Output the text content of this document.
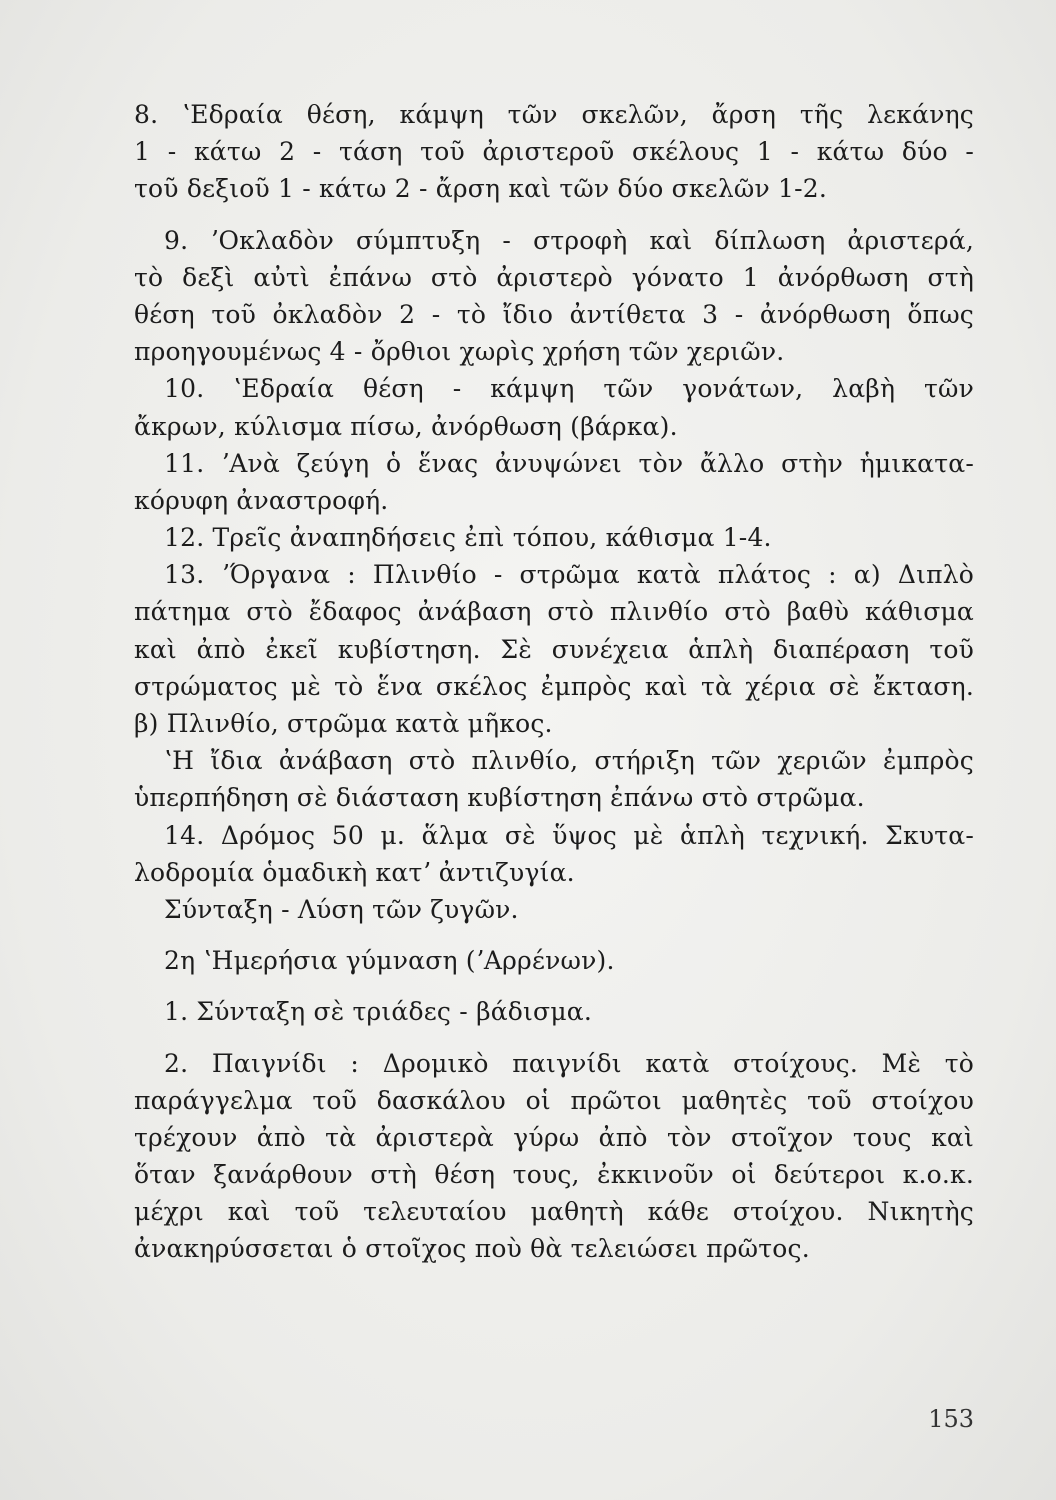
8. ʽΕδραία θέση, κάμψη τῶν σκελῶν, ἄρση τῆς λεκάνης
1 - κάτω 2 - τάση τοῦ ἀριστεροῦ σκέλους 1 - κάτω δύο -
τοῦ δεξιοῦ 1 - κάτω 2 - ἄρση καὶ τῶν δύο σκελῶν 1-2.
9. ʼΟκλαδὸν σύμπτυξη - στροφὴ καὶ δίπλωση ἀριστερά,
τὸ δεξὶ αὐτὶ ἐπάνω στὸ ἀριστερὸ γόνατο 1 ἀνόρθωση στὴ
θέση τοῦ ὀκλαδὸν 2 - τὸ ἴδιο ἀντίθετα 3 - ἀνόρθωση ὅπως
προηγουμένως 4 - ὄρθιοι χωρὶς χρήση τῶν χεριῶν.
10. ʽΕδραία θέση - κάμψη τῶν γονάτων, λαβὴ τῶν
ἄκρων, κύλισμα πίσω, ἀνόρθωση (βάρκα).
11. ʼΑνὰ ζεύγη ὁ ἕνας ἀνυψώνει τὸν ἄλλο στὴν ἡμικατα-
κόρυφη ἀναστροφή.
12. Τρεῖς ἀναπηδήσεις ἐπὶ τόπου, κάθισμα 1-4.
13. ʼΌργανα : Πλινθίο - στρῶμα κατὰ πλάτος : α) Διπλὸ
πάτημα στὸ ἔδαφος ἀνάβαση στὸ πλινθίο στὸ βαθὺ κάθισμα
καὶ ἀπὸ ἐκεῖ κυβίστηση. Σὲ συνέχεια ἁπλὴ διαπέραση τοῦ
στρώματος μὲ τὸ ἕνα σκέλος ἐμπρὸς καὶ τὰ χέρια σὲ ἔκταση.
β) Πλινθίο, στρῶμα κατὰ μῆκος.
ʽΗ ἴδια ἀνάβαση στὸ πλινθίο, στήριξη τῶν χεριῶν ἐμπρὸς
ὑπερπήδηση σὲ διάσταση κυβίστηση ἐπάνω στὸ στρῶμα.
14. Δρόμος 50 μ. ἅλμα σὲ ὕψος μὲ ἁπλὴ τεχνική. Σκυτα-
λοδρομία ὁμαδικὴ κατʼ ἀντιζυγία.
Σύνταξη - Λύση τῶν ζυγῶν.
2η ʽΗμερήσια γύμναση (ʼΑρρένων).
1. Σύνταξη σὲ τριάδες - βάδισμα.
2. Παιγνίδι : Δρομικὸ παιγνίδι κατὰ στοίχους. Μὲ τὸ
παράγγελμα τοῦ δασκάλου οἱ πρῶτοι μαθητὲς τοῦ στοίχου
τρέχουν ἀπὸ τὰ ἀριστερὰ γύρω ἀπὸ τὸν στοῖχον τους καὶ
ὅταν ξανάρθουν στὴ θέση τους, ἐκκινοῦν οἱ δεύτεροι κ.ο.κ.
μέχρι καὶ τοῦ τελευταίου μαθητὴ κάθε στοίχου. Νικητὴς
ἀνακηρύσσεται ὁ στοῖχος ποὺ θὰ τελειώσει πρῶτος.
153
